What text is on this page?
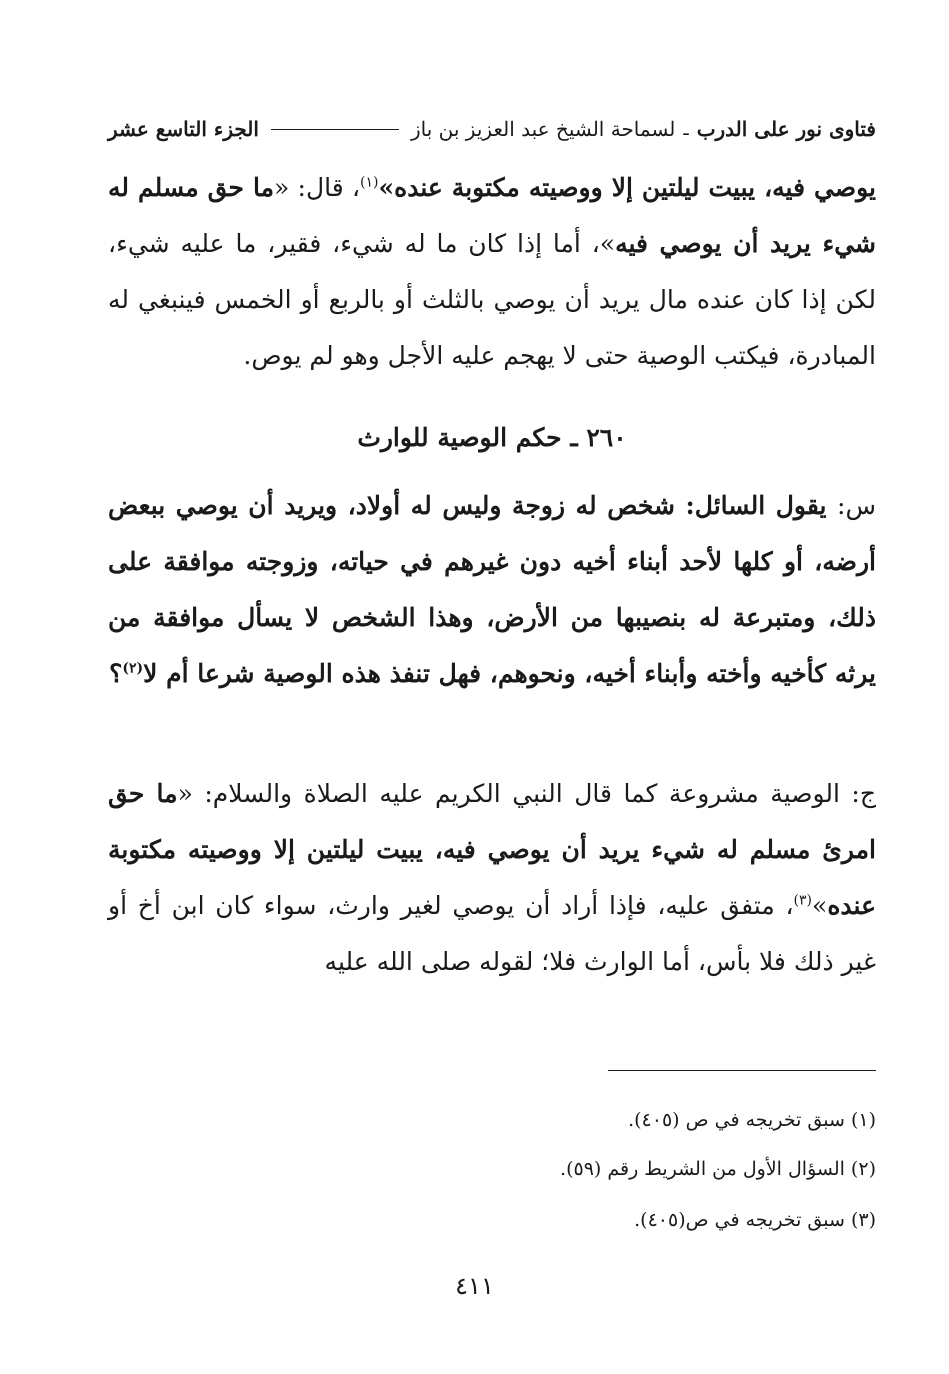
فتاوى نور على الدرب
ـ
لسماحة الشيخ عبد العزيز بن باز
الجزء التاسع عشر
يوصي فيه، يبيت ليلتين إلا ووصيته مكتوبة عنده»$^{(١)}$، قال: «ما حق مسلم له شيء يريد أن يوصي فيه»، أما إذا كان ما له شيء، فقير، ما عليه شيء، لكن إذا كان عنده مال يريد أن يوصي بالثلث أو بالربع أو الخمس فينبغي له المبادرة، فيكتب الوصية حتى لا يهجم عليه الأجل وهو لم يوص.
٢٦٠ ـ حكم الوصية للوارث
س: يقول السائل: شخص له زوجة وليس له أولاد، ويريد أن يوصي ببعض أرضه، أو كلها لأحد أبناء أخيه دون غيرهم في حياته، وزوجته موافقة على ذلك، ومتبرعة له بنصيبها من الأرض، وهذا الشخص لا يسأل موافقة من يرثه كأخيه وأخته وأبناء أخيه، ونحوهم، فهل تنفذ هذه الوصية شرعا أم لا$^{(٢)}$؟
ج: الوصية مشروعة كما قال النبي الكريم عليه الصلاة والسلام: «ما حق امرئ مسلم له شيء يريد أن يوصي فيه، يبيت ليلتين إلا ووصيته مكتوبة عنده»$^{(٣)}$، متفق عليه، فإذا أراد أن يوصي لغير وارث، سواء كان ابن أخ أو غير ذلك فلا بأس، أما الوارث فلا؛ لقوله صلى الله عليه
(١) سبق تخريجه في ص (٤٠٥).
(٢) السؤال الأول من الشريط رقم (٥٩).
(٣) سبق تخريجه في ص(٤٠٥).
٤١١
